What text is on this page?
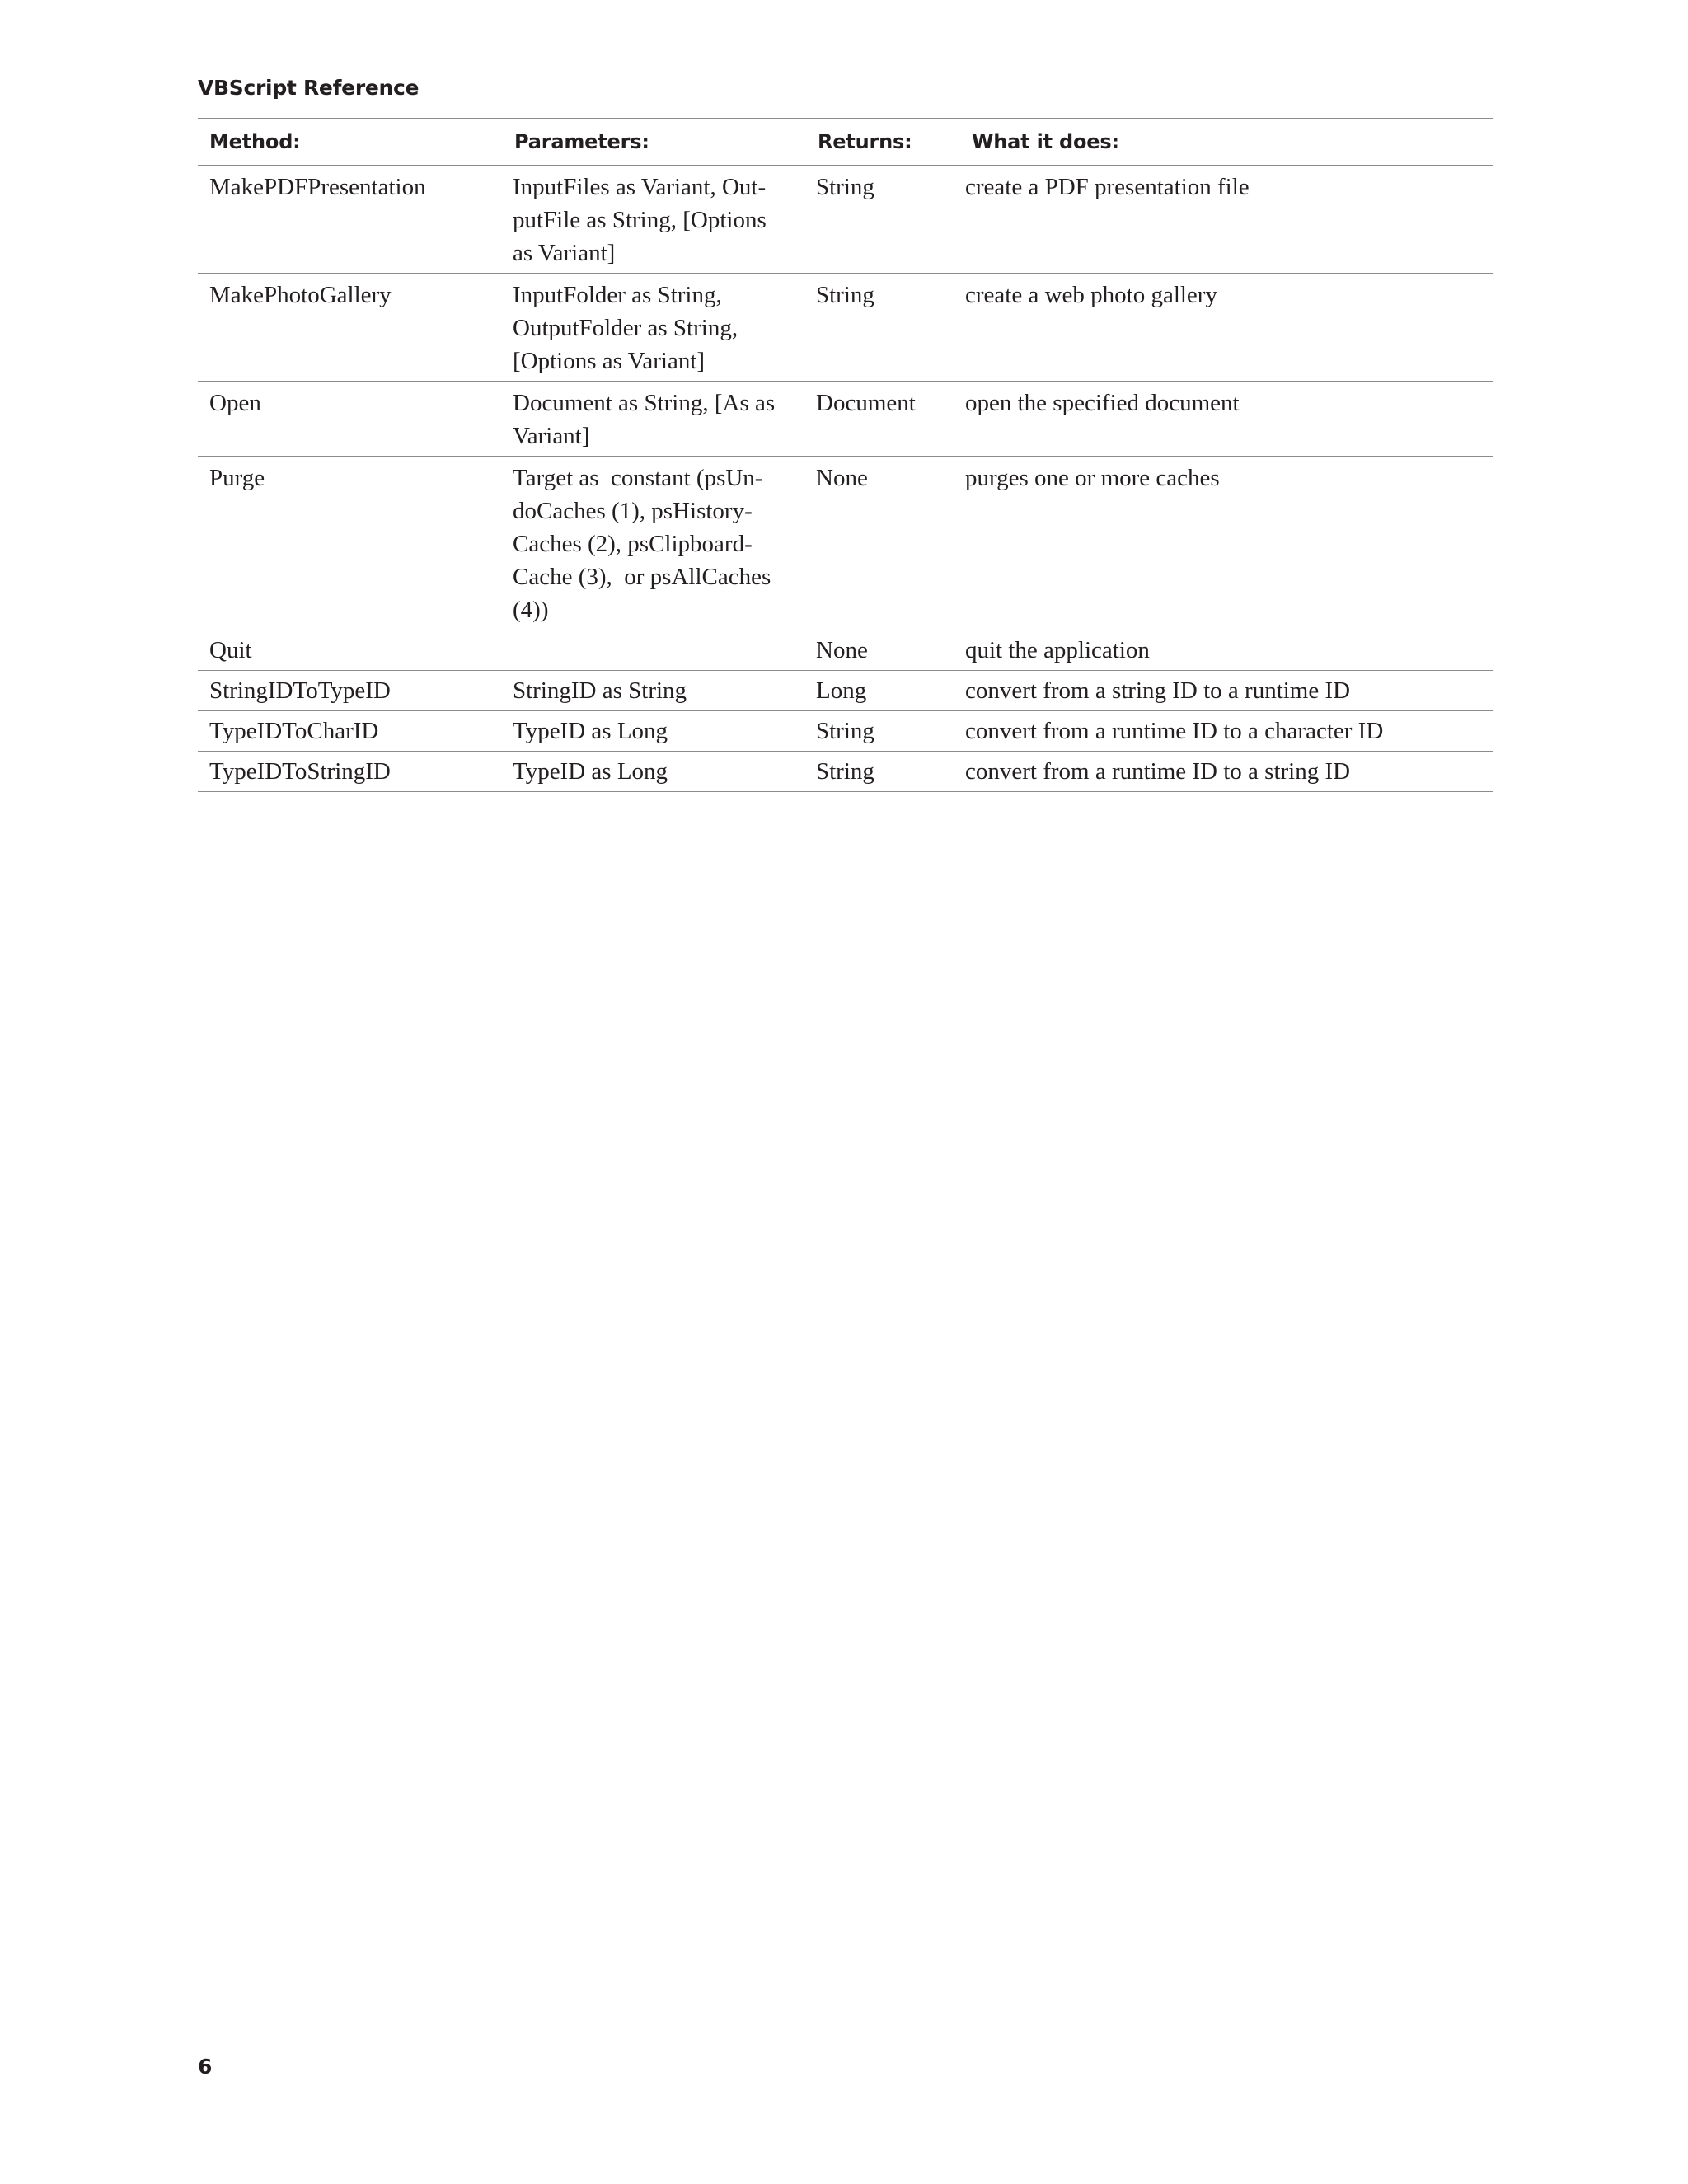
VBScript Reference
Method:	Parameters:	Returns:	What it does:
MakePDFPresentation	InputFiles as Variant, Out-
putFile as String, [Options
as Variant]	String	create a PDF presentation file
MakePhotoGallery	InputFolder as String,
OutputFolder as String,
[Options as Variant]	String	create a web photo gallery
Open	Document as String, [As as
Variant]	Document	open the specified document
Purge	Target as  constant (psUn-
doCaches (1), psHistory-
Caches (2), psClipboard-
Cache (3),  or psAllCaches
(4))	None	purges one or more caches
Quit		None	quit the application
StringIDToTypeID	StringID as String	Long	convert from a string ID to a runtime ID
TypeIDToCharID	TypeID as Long	String	convert from a runtime ID to a character ID
TypeIDToStringID	TypeID as Long	String	convert from a runtime ID to a string ID
6
